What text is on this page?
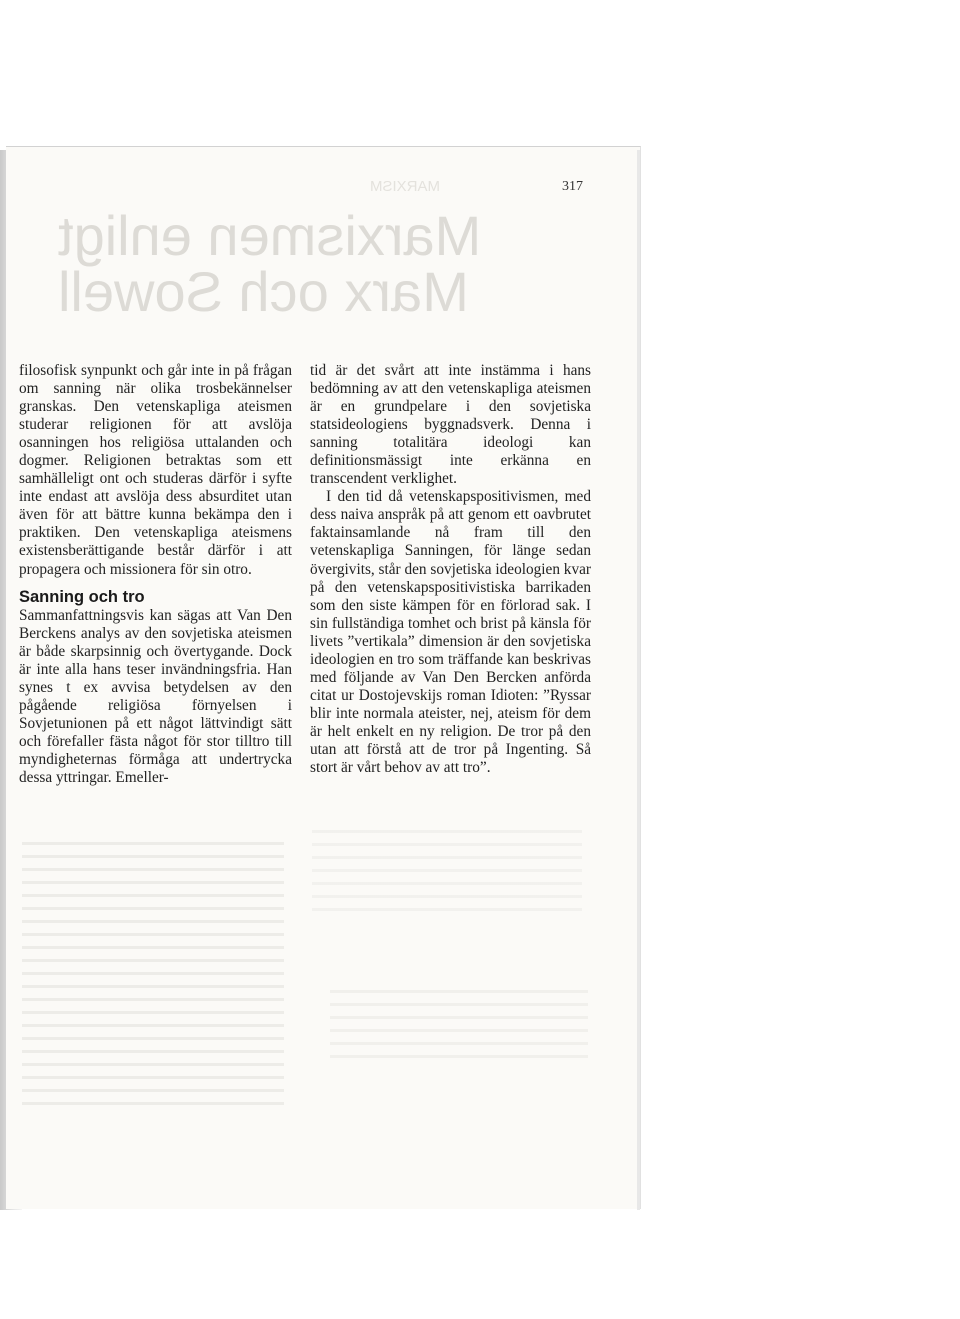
MARXISM
Marxismen enligt Marx och Sowell
317

filosofisk synpunkt och går inte in på frågan om sanning när olika trosbekännelser granskas. Den vetenskapliga ateismen studerar religionen för att avslöja osanningen hos religiösa uttalanden och dogmer. Religionen betraktas som ett samhälleligt ont och studeras därför i syfte inte endast att avslöja dess absurditet utan även för att bättre kunna bekämpa den i praktiken. Den vetenskapliga ateismens existensberättigande består därför i att propagera och missionera för sin otro.

Sanning och tro

Sammanfattningsvis kan sägas att Van Den Berckens analys av den sovjetiska ateismen är både skarpsinnig och övertygande. Dock är inte alla hans teser invändningsfria. Han synes t ex avvisa betydelsen av den pågående religiösa förnyelsen i Sovjetunionen på ett något lättvindigt sätt och förefaller fästa något för stor tilltro till myndigheternas förmåga att undertrycka dessa yttringar. Emeller-

tid är det svårt att inte instämma i hans bedömning av att den vetenskapliga ateismen är en grundpelare i den sovjetiska statsideologiens byggnadsverk. Denna i sanning totalitära ideologi kan definitionsmässigt inte erkänna en transcendent verklighet.

I den tid då vetenskapspositivismen, med dess naiva anspråk på att genom ett oavbrutet faktainsamlande nå fram till den vetenskapliga Sanningen, för länge sedan övergivits, står den sovjetiska ideologien kvar på den vetenskapspositivistiska barrikaden som den siste kämpen för en förlorad sak. I sin fullständiga tomhet och brist på känsla för livets ”vertikala” dimension är den sovjetiska ideologien en tro som träffande kan beskrivas med följande av Van Den Bercken anförda citat ur Dostojevskijs roman Idioten: ”Ryssar blir inte normala ateister, nej, ateism för dem är helt enkelt en ny religion. De tror på den utan att förstå att de tror på Ingenting. Så stort är vårt behov av att tro”.
